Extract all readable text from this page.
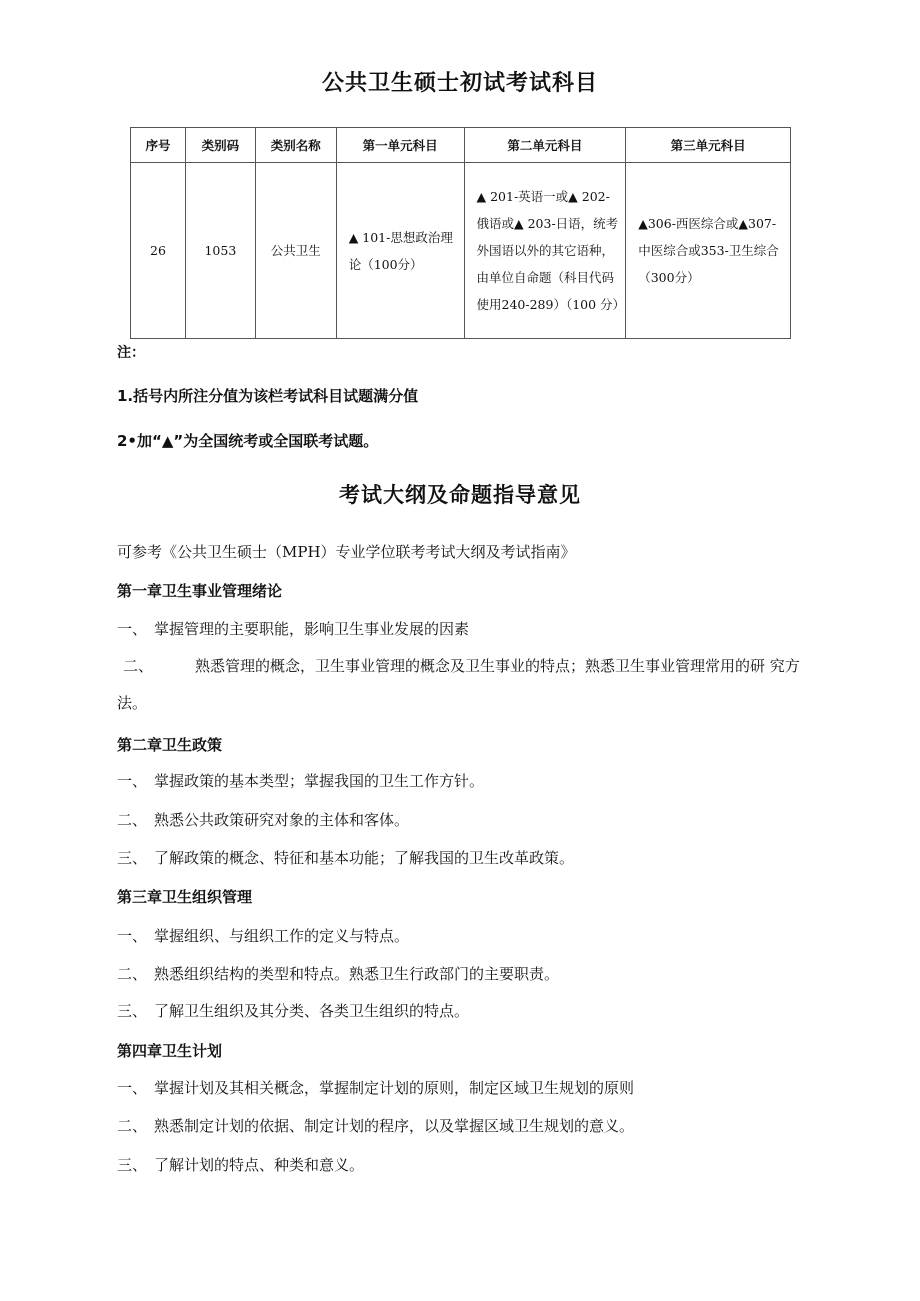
公共卫生硕士初试考试科目
序号	类别码	类别名称	第一单元科目	第二单元科目	第三单元科目
26	1053	公共卫生	▲ 101-思想政治理论（100分）	▲ 201-英语一或▲ 202-俄语或▲ 203-日语，统考外国语以外的其它语种，由单位自命题（科目代码使用240-289）（100 分）	▲306-西医综合或▲307-中医综合或353-卫生综合（300分）
注：
1.括号内所注分值为该栏考试科目试题满分值
2•加“▲”为全国统考或全国联考试题。
考试大纲及命题指导意见
可参考《公共卫生硕士（MPH）专业学位联考考试大纲及考试指南》
第一章卫生事业管理绪论
一、 掌握管理的主要职能，影响卫生事业发展的因素
二、	熟悉管理的概念，卫生事业管理的概念及卫生事业的特点；熟悉卫生事业管理常用的研 究方法。
第二章卫生政策
一、 掌握政策的基本类型；掌握我国的卫生工作方针。
二、 熟悉公共政策研究对象的主体和客体。
三、 了解政策的概念、特征和基本功能；了解我国的卫生改革政策。
第三章卫生组织管理
一、 掌握组织、与组织工作的定义与特点。
二、 熟悉组织结构的类型和特点。熟悉卫生行政部门的主要职责。
三、 了解卫生组织及其分类、各类卫生组织的特点。
第四章卫生计划
一、 掌握计划及其相关概念，掌握制定计划的原则，制定区域卫生规划的原则
二、 熟悉制定计划的依据、制定计划的程序，以及掌握区域卫生规划的意义。
三、 了解计划的特点、种类和意义。
